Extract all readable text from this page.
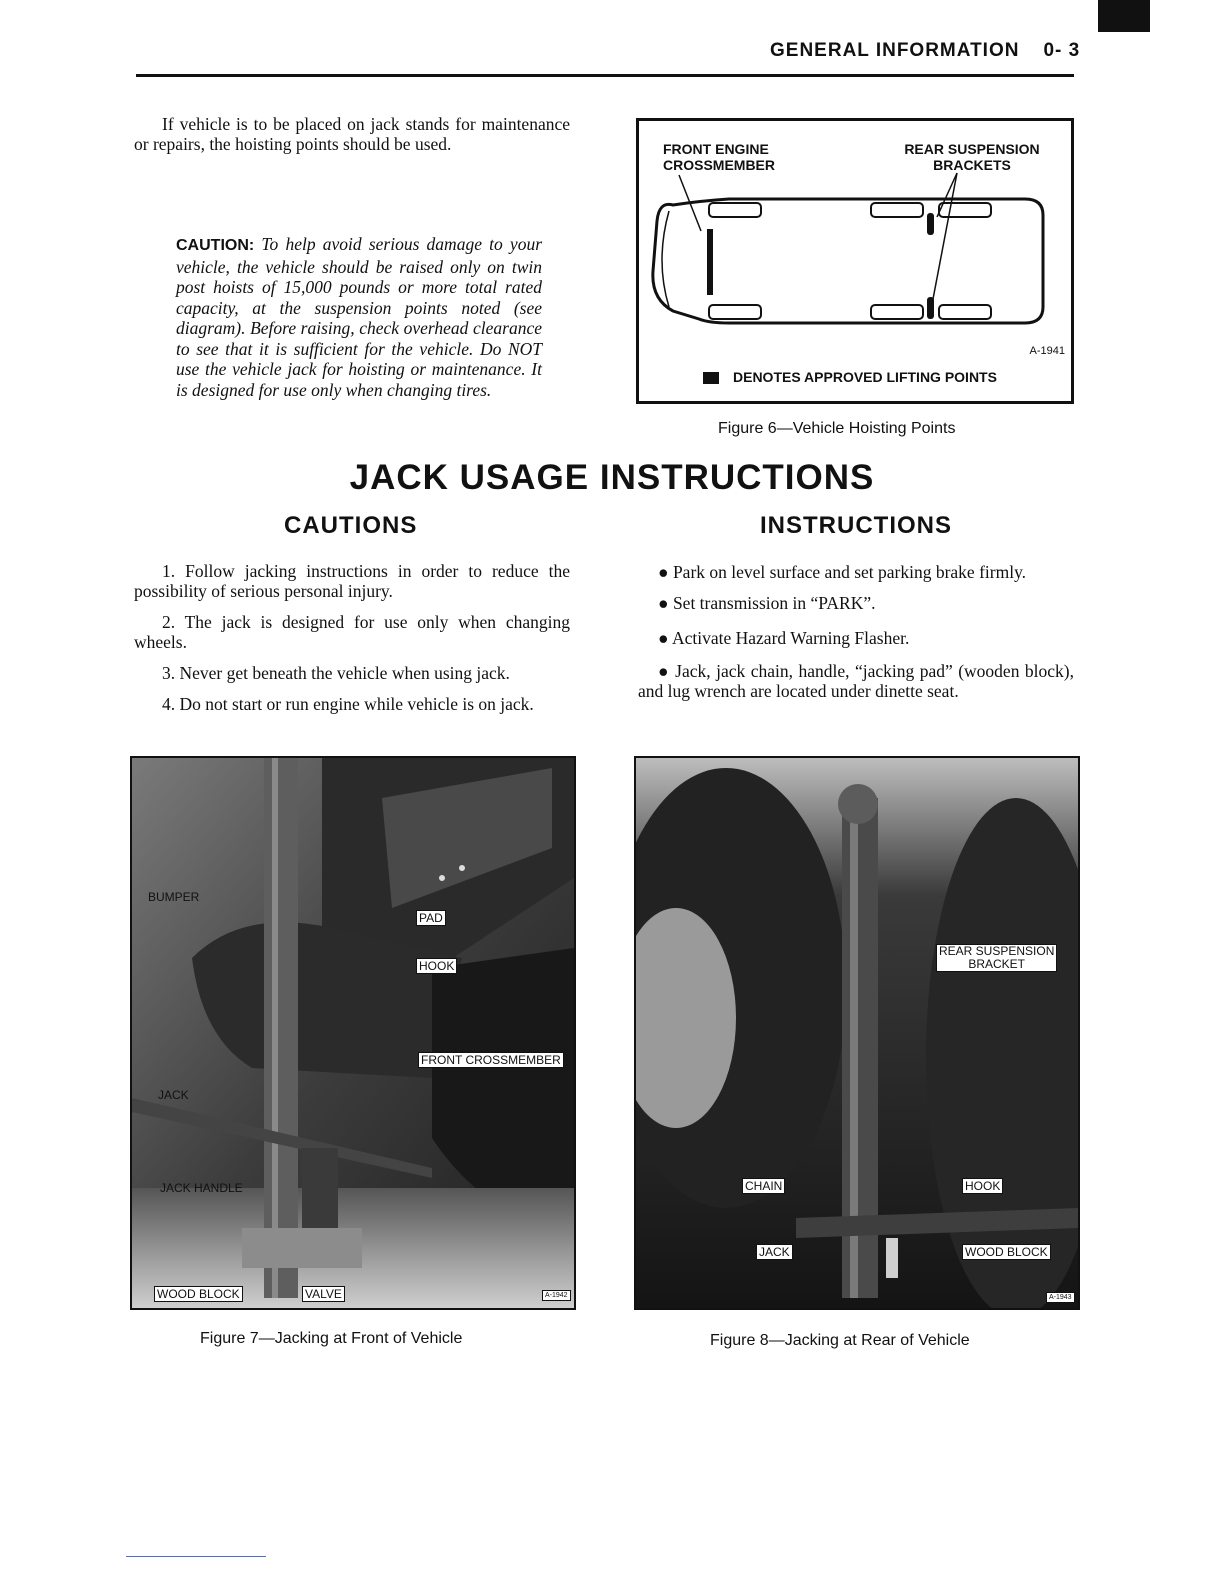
GENERAL INFORMATION 0- 3
If vehicle is to be placed on jack stands for maintenance or repairs, the hoisting points should be used.
CAUTION: To help avoid serious damage to your vehicle, the vehicle should be raised only on twin post hoists of 15,000 pounds or more total rated capacity, at the suspension points noted (see diagram). Before raising, check overhead clearance to see that it is sufficient for the vehicle. Do NOT use the vehicle jack for hoisting or maintenance. It is designed for use only when changing tires.
FRONT ENGINE
CROSSMEMBER
REAR SUSPENSION
BRACKETS
A-1941
DENOTES APPROVED LIFTING POINTS
Figure 6—Vehicle Hoisting Points
JACK USAGE INSTRUCTIONS
CAUTIONS	INSTRUCTIONS

1. Follow jacking instructions in order to reduce the possibility of serious personal injury.

2. The jack is designed for use only when changing wheels.

3. Never get beneath the vehicle when using jack.

4. Do not start or run engine while vehicle is on jack.

● Park on level surface and set parking brake firmly.

● Set transmission in “PARK”.

● Activate Hazard Warning Flasher.

● Jack, jack chain, handle, “jacking pad” (wooden block), and lug wrench are located under dinette seat.

BUMPER
PAD
HOOK
FRONT CROSSMEMBER
JACK
JACK HANDLE
WOOD BLOCK	VALVE	A-1942
Figure 7—Jacking at Front of Vehicle
REAR SUSPENSION
BRACKET
CHAIN	HOOK
JACK	WOOD BLOCK
A-1943
Figure 8—Jacking at Rear of Vehicle
